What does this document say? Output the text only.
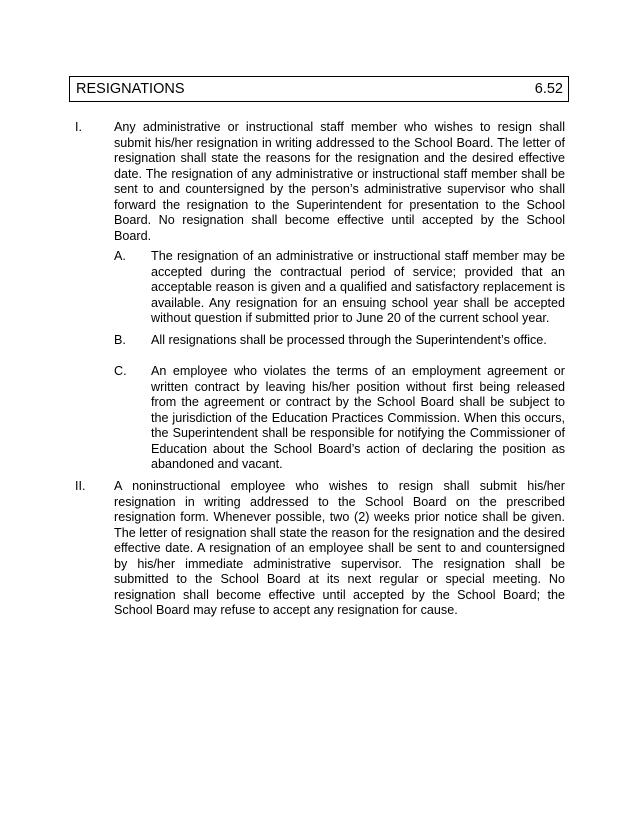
RESIGNATIONS	6.52
I.	Any administrative or instructional staff member who wishes to resign shall submit his/her resignation in writing addressed to the School Board. The letter of resignation shall state the reasons for the resignation and the desired effective date. The resignation of any administrative or instructional staff member shall be sent to and countersigned by the person’s administrative supervisor who shall forward the resignation to the Superintendent for presentation to the School Board. No resignation shall become effective until accepted by the School Board.

A. The resignation of an administrative or instructional staff member may be accepted during the contractual period of service; provided that an acceptable reason is given and a qualified and satisfactory replacement is available. Any resignation for an ensuing school year shall be accepted without question if submitted prior to June 20 of the current school year.

B. All resignations shall be processed through the Superintendent’s office.

C. An employee who violates the terms of an employment agreement or written contract by leaving his/her position without first being released from the agreement or contract by the School Board shall be subject to the jurisdiction of the Education Practices Commission. When this occurs, the Superintendent shall be responsible for notifying the Commissioner of Education about the School Board’s action of declaring the position as abandoned and vacant.

II. A noninstructional employee who wishes to resign shall submit his/her resignation in writing addressed to the School Board on the prescribed resignation form. Whenever possible, two (2) weeks prior notice shall be given. The letter of resignation shall state the reason for the resignation and the desired effective date. A resignation of an employee shall be sent to and countersigned by his/her immediate administrative supervisor. The resignation shall be submitted to the School Board at its next regular or special meeting. No resignation shall become effective until accepted by the School Board; the School Board may refuse to accept any resignation for cause.
